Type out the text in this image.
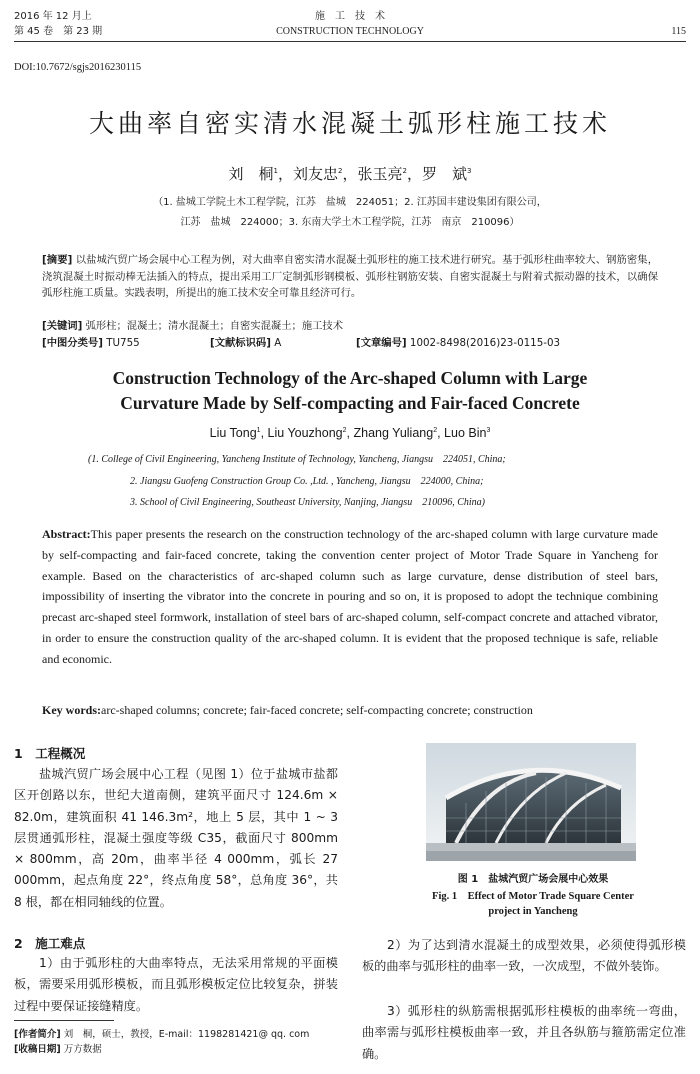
2016 年 12 月上
第 45 卷　第 23 期
施　工　技　术
CONSTRUCTION TECHNOLOGY	115
DOI:10.7672/sgjs2016230115
大曲率自密实清水混凝土弧形柱施工技术
刘　桐$^1$，刘友忠$^2$，张玉亮$^2$，罗　斌$^3$
（1. 盐城工学院土木工程学院，江苏　盐城　224051；2. 江苏国丰建设集团有限公司，
江苏　盐城　224000；3. 东南大学土木工程学院，江苏　南京　210096）
[摘要] 以盐城汽贸广场会展中心工程为例，对大曲率自密实清水混凝土弧形柱的施工技术进行研究。基于弧形柱曲率较大、钢筋密集，浇筑混凝土时振动棒无法插入的特点，提出采用工厂定制弧形钢模板、弧形柱钢筋安装、自密实混凝土与附着式振动器的技术，以确保弧形柱施工质量。实践表明，所提出的施工技术安全可靠且经济可行。
[关键词] 弧形柱；混凝土；清水混凝土；自密实混凝土；施工技术
[中图分类号] TU755	[文献标识码] A	[文章编号] 1002-8498(2016)23-0115-03
Construction Technology of the Arc-shaped Column with Large
Curvature Made by Self-compacting and Fair-faced Concrete
Liu Tong$^1$, Liu Youzhong$^2$, Zhang Yuliang$^2$, Luo Bin$^3$
(1. College of Civil Engineering, Yancheng Institute of Technology, Yancheng, Jiangsu　224051, China;
2. Jiangsu Guofeng Construction Group Co. ,Ltd. , Yancheng, Jiangsu　224000, China;
3. School of Civil Engineering, Southeast University, Nanjing, Jiangsu　210096, China)
Abstract:This paper presents the research on the construction technology of the arc-shaped column with large curvature made by self-compacting and fair-faced concrete, taking the convention center project of Motor Trade Square in Yancheng for example. Based on the characteristics of arc-shaped column such as large curvature, dense distribution of steel bars, impossibility of inserting the vibrator into the concrete in pouring and so on, it is proposed to adopt the technique combining precast arc-shaped steel formwork, installation of steel bars of arc-shaped column, self-compact concrete and attached vibrator, in order to ensure the construction quality of the arc-shaped column. It is evident that the proposed technique is safe, reliable and economic.
Key words:arc-shaped columns; concrete; fair-faced concrete; self-compacting concrete; construction
1　工程概况
盐城汽贸广场会展中心工程（见图 1）位于盐城市盐都区开创路以东，世纪大道南侧，建筑平面尺寸 124.6m × 82.0m，建筑面积 41 146.3m²，地上 5 层，其中 1 ~ 3 层贯通弧形柱，混凝土强度等级 C35，截面尺寸 800mm × 800mm，高 20m，曲率半径 4 000mm，弧长 27 000mm，起点角度 22°，终点角度 58°，总角度 36°，共 8 根，都在相同轴线的位置。
2　施工难点
1）由于弧形柱的大曲率特点，无法采用常规的平面模板，需要采用弧形模板，而且弧形模板定位比较复杂，拼装过程中要保证接缝精度。
[作者简介] 刘　桐，硕士，教授，E-mail：1198281421@ qq. com
[收稿日期] 万方数据
图 1　盐城汽贸广场会展中心效果
Fig. 1　Effect of Motor Trade Square Center
project in Yancheng
2）为了达到清水混凝土的成型效果，必须使得弧形模板的曲率与弧形柱的曲率一致，一次成型，不做外装饰。
3）弧形柱的纵筋需根据弧形柱模板的曲率统一弯曲，曲率需与弧形柱模板曲率一致，并且各纵筋与箍筋需定位准确。
